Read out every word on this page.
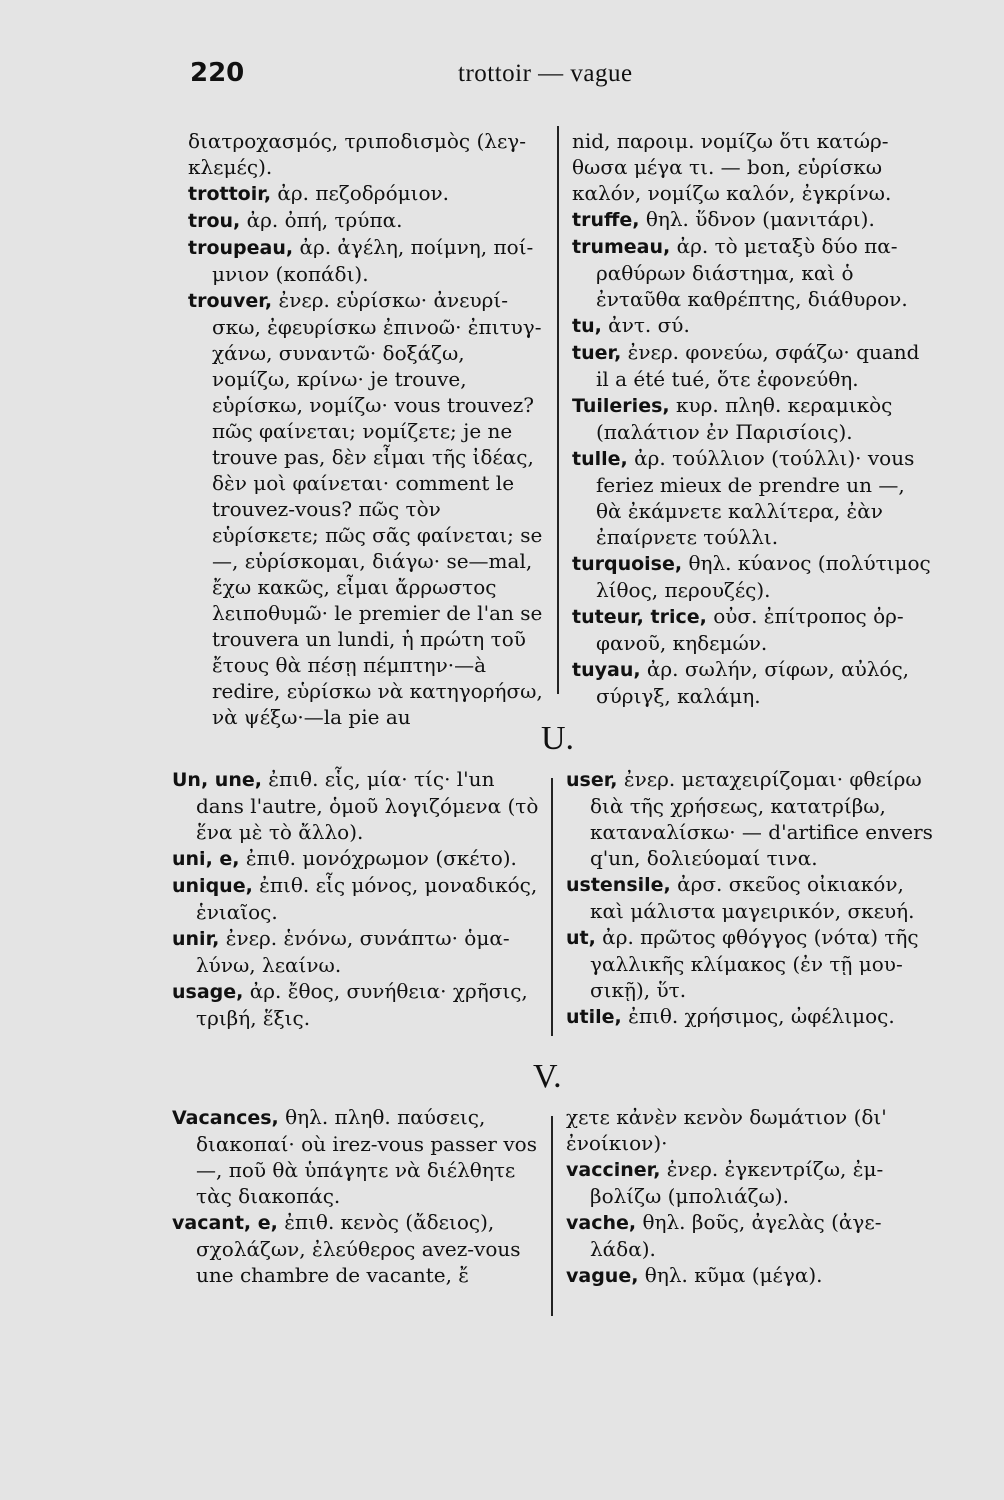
220	trottoir — vague

διατροχασμός, τριποδισμὸς (λεγκλεμές).

trottoir, ἀρ. πεζοδρόμιον.

trou, ἀρ. ὀπή, τρύπα.

troupeau, ἀρ. ἀγέλη, ποίμνη, ποίμνιον (κοπάδι).

trouver, ἐνερ. εὑρίσκω· ἀνευρίσκω, ἐφευρίσκω ἐπινοῶ· ἐπιτυγχάνω, συναντῶ· δοξάζω, νομίζω, κρίνω· je trouve, εὑρίσκω, νομίζω· vous trouvez? πῶς φαίνεται; νομίζετε; je ne trouve pas, δὲν εἶμαι τῆς ἰδέας, δὲν μοὶ φαίνεται· comment le trouvez-vous? πῶς τὸν εὑρίσκετε; πῶς σᾶς φαίνεται; se —, εὑρίσκομαι, διάγω· se—mal, ἔχω κακῶς, εἶμαι ἄρρωστος λειποθυμῶ· le premier de l'an se trouvera un lundi, ἡ πρώτη τοῦ ἔτους θὰ πέσῃ πέμπτην·—à redire, εὑρίσκω νὰ κατηγορήσω, νὰ ψέξω·—la pie au

nid, παροιμ. νομίζω ὅτι κατώρθωσα μέγα τι. — bon, εὑρίσκω καλόν, νομίζω καλόν, ἐγκρίνω.

truffe, θηλ. ὕδνον (μανιτάρι).

trumeau, ἀρ. τὸ μεταξὺ δύο παραθύρων διάστημα, καὶ ὁ ἐνταῦθα καθρέπτης, διάθυρον.

tu, ἀντ. σύ.

tuer, ἐνερ. φονεύω, σφάζω· quand il a été tué, ὅτε ἐφονεύθη.

Tuileries, κυρ. πληθ. κεραμικὸς (παλάτιον ἐν Παρισίοις).

tulle, ἀρ. τούλλιον (τούλλι)· vous feriez mieux de prendre un —, θὰ ἐκάμνετε καλλίτερα, ἐὰν ἐπαίρνετε τούλλι.

turquoise, θηλ. κύανος (πολύτιμος λίθος, περουζές).

tuteur, trice, οὐσ. ἐπίτροπος ὀρφανοῦ, κηδεμών.

tuyau, ἀρ. σωλήν, σίφων, αὐλός, σύριγξ, καλάμη.

U.

Un, une, ἐπιθ. εἷς, μία· τίς· l'un dans l'autre, ὁμοῦ λογιζόμενα (τὸ ἕνα μὲ τὸ ἄλλο).

uni, e, ἐπιθ. μονόχρωμον (σκέτο).

unique, ἐπιθ. εἷς μόνος, μοναδικός, ἑνιαῖος.

unir, ἐνερ. ἑνόνω, συνάπτω· ὁμαλύνω, λεαίνω.

usage, ἀρ. ἔθος, συνήθεια· χρῆσις, τριβή, ἕξις.

user, ἐνερ. μεταχειρίζομαι· φθείρω διὰ τῆς χρήσεως, κατατρίβω, καταναλίσκω· — d'artifice envers q'un, δολιεύομαί τινα.

ustensile, ἀρσ. σκεῦος οἰκιακόν, καὶ μάλιστα μαγειρικόν, σκευή.

ut, ἀρ. πρῶτος φθόγγος (νότα) τῆς γαλλικῆς κλίμακος (ἐν τῇ μουσικῇ), ὕτ.

utile, ἐπιθ. χρήσιμος, ὠφέλιμος.

V.

Vacances, θηλ. πληθ. παύσεις, διακοπαί· où irez-vous passer vos—, ποῦ θὰ ὑπάγητε νὰ διέλθητε τὰς διακοπάς.

vacant, e, ἐπιθ. κενὸς (ἄδειος), σχολάζων, ἐλεύθερος avez-vous une chambre de vacante, ἔ

χετε κἀνὲν κενὸν δωμάτιον (δι' ἐνοίκιον)·

vacciner, ἐνερ. ἐγκεντρίζω, ἐμβολίζω (μπολιάζω).

vache, θηλ. βοῦς, ἀγελὰς (ἀγελάδα).

vague, θηλ. κῦμα (μέγα).
